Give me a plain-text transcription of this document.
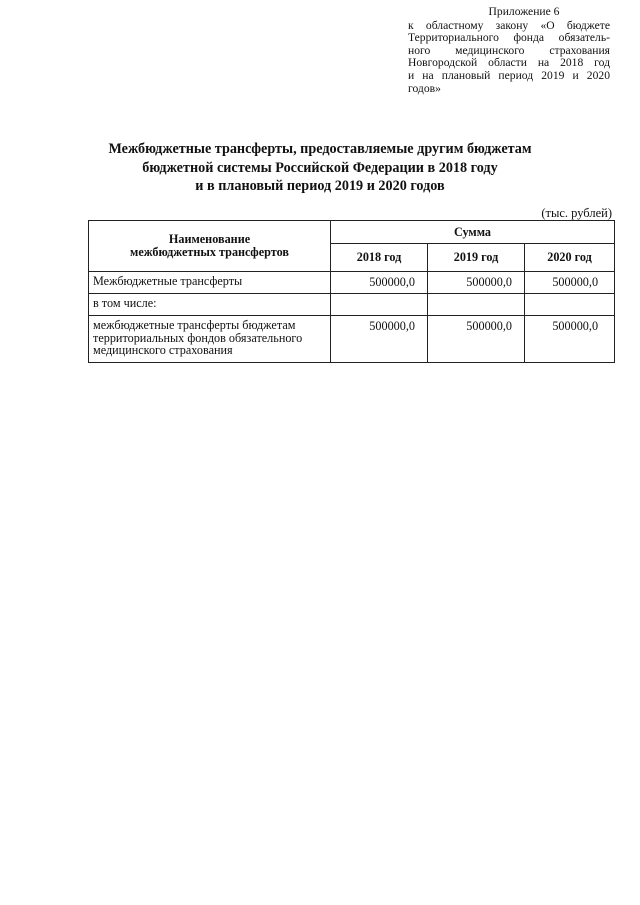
Приложение 6
к областному закону «О бюджете
Территориального фонда обязатель-
ного медицинского страхования
Новгородской области на 2018 год
и на плановый период 2019 и 2020
годов»
Межбюджетные трансферты, предоставляемые другим бюджетам
бюджетной системы Российской Федерации в 2018 году
и в плановый период 2019 и 2020 годов
(тыс. рублей)
Наименование
межбюджетных трансфертов	Сумма		
	2018 год	2019 год	2020 год

Межбюджетные трансферты	500000,0	500000,0	500000,0

в том числе:			

межбюджетные трансферты бюджетам территориальных фондов обязательного медицинского страхования	500000,0	500000,0	500000,0
